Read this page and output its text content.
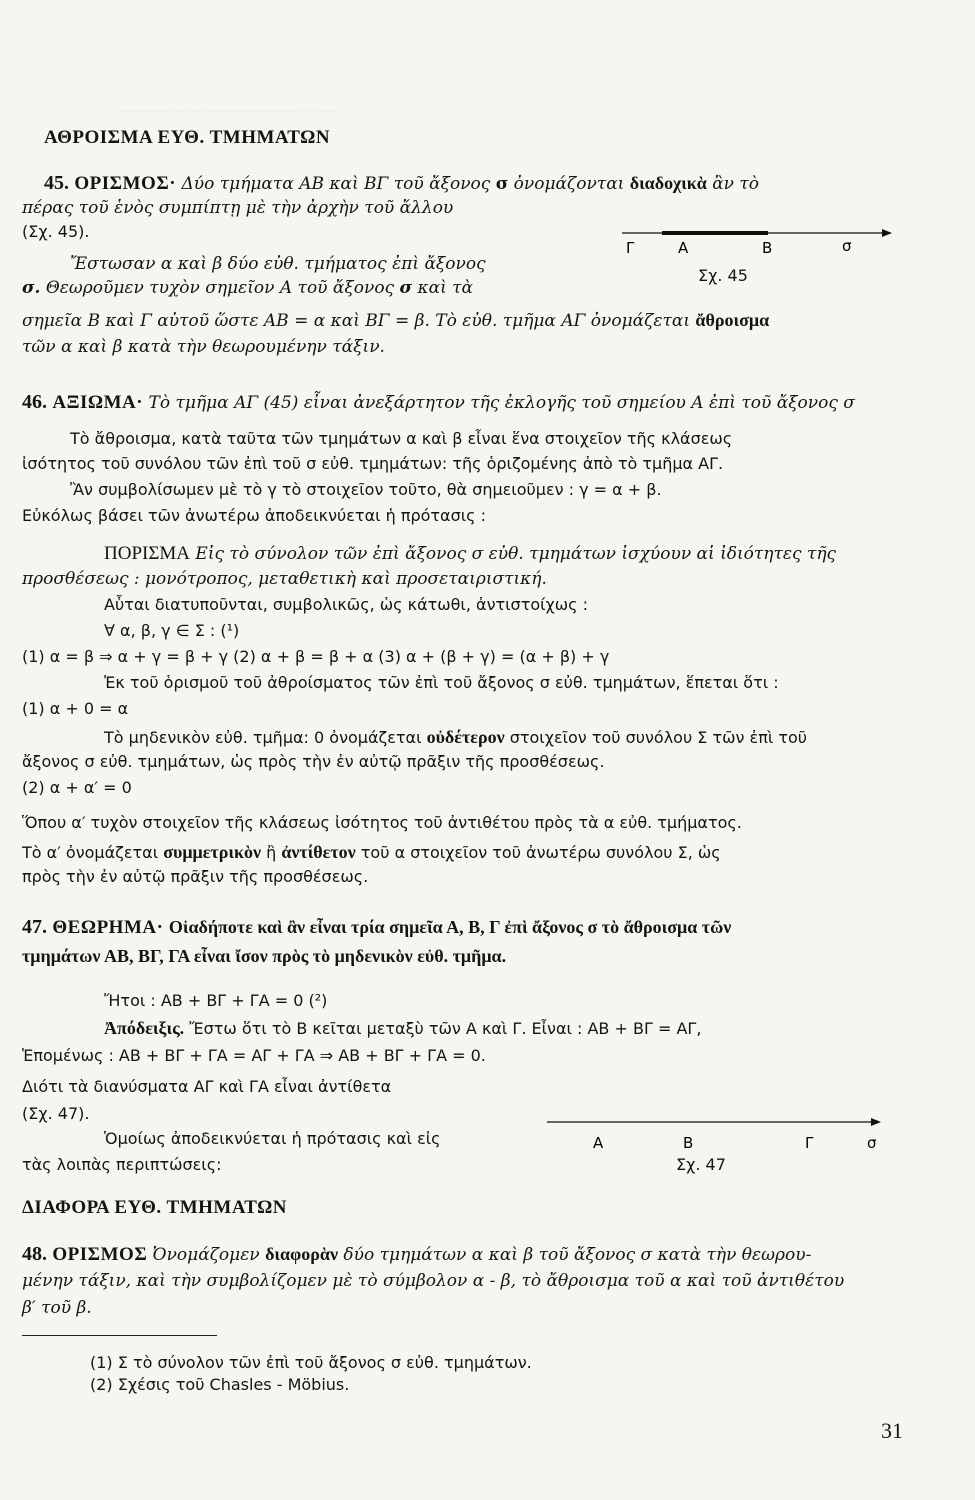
·····················································
ΑΘΡΟΙΣΜΑ ΕΥΘ. ΤΜΗΜΑΤΩΝ
45. ΟΡΙΣΜΟΣ· Δύο τμήματα ΑΒ καὶ ΒΓ τοῦ ἄξονος σ ὀνομάζονται διαδοχικὰ ἂν τὸ
πέρας τοῦ ἑνὸς συμπίπτῃ μὲ τὴν ἀρχὴν τοῦ ἄλλου
(Σχ. 45).
Ἔστωσαν α καὶ β δύο εὐθ. τμήματος ἐπὶ ἄξονος
σ. Θεωροῦμεν τυχὸν σημεῖον Α τοῦ ἄξονος σ καὶ τὰ
σημεῖα Β καὶ Γ αὐτοῦ ὥστε ΑΒ = α καὶ ΒΓ = β. Τὸ εὐθ. τμῆμα ΑΓ ὀνομάζεται ἄθροισμα
τῶν α καὶ β κατὰ τὴν θεωρουμένην τάξιν.
Γ	Α	Β	σ
Σχ. 45
46. ΑΞΙΩΜΑ· Τὸ τμῆμα ΑΓ (45) εἶναι ἀνεξάρτητον τῆς ἐκλογῆς τοῦ σημείου Α ἐπὶ τοῦ ἄξονος σ
Τὸ ἄθροισμα, κατὰ ταῦτα τῶν τμημάτων α καὶ β εἶναι ἕνα στοιχεῖον τῆς κλάσεως
ἰσότητος τοῦ συνόλου τῶν ἐπὶ τοῦ σ εὐθ. τμημάτων: τῆς ὁριζομένης ἀπὸ τὸ τμῆμα ΑΓ.
Ἂν συμβολίσωμεν μὲ τὸ γ τὸ στοιχεῖον τοῦτο, θὰ σημειοῦμεν : γ = α + β.
Εὐκόλως βάσει τῶν ἀνωτέρω ἀποδεικνύεται ἡ πρότασις :
ΠΟΡΙΣΜΑ Εἰς τὸ σύνολον τῶν ἐπὶ ἄξονος σ εὐθ. τμημάτων ἰσχύουν αἱ ἰδιότητες τῆς
προσθέσεως : μονότροπος, μεταθετικὴ καὶ προσεταιριστική.
Αὗται διατυποῦνται, συμβολικῶς, ὡς κάτωθι, ἀντιστοίχως :
∀ α, β, γ ∈ Σ : (¹)
(1) α = β ⇒ α + γ = β + γ (2) α + β = β + α (3) α + (β + γ) = (α + β) + γ
Ἐκ τοῦ ὁρισμοῦ τοῦ ἀθροίσματος τῶν ἐπὶ τοῦ ἄξονος σ εὐθ. τμημάτων, ἕπεται ὅτι :
(1) α + 0 = α
Τὸ μηδενικὸν εὐθ. τμῆμα: 0 ὀνομάζεται οὐδέτερον στοιχεῖον τοῦ συνόλου Σ τῶν ἐπὶ τοῦ
ἄξονος σ εὐθ. τμημάτων, ὡς πρὸς τὴν ἐν αὐτῷ πρᾶξιν τῆς προσθέσεως.
(2) α + α′ = 0
Ὅπου α′ τυχὸν στοιχεῖον τῆς κλάσεως ἰσότητος τοῦ ἀντιθέτου πρὸς τὰ α εὐθ. τμήματος.
Τὸ α′ ὀνομάζεται συμμετρικὸν ἢ ἀντίθετον τοῦ α στοιχεῖον τοῦ ἀνωτέρω συνόλου Σ, ὡς
πρὸς τὴν ἐν αὐτῷ πρᾶξιν τῆς προσθέσεως.
47. ΘΕΩΡΗΜΑ· Οἱαδήποτε καὶ ἂν εἶναι τρία σημεῖα Α, Β, Γ ἐπὶ ἄξονος σ τὸ ἄθροισμα τῶν
τμημάτων ΑΒ, ΒΓ, ΓΑ εἶναι ἴσον πρὸς τὸ μηδενικὸν εὐθ. τμῆμα.
Ἤτοι : ΑΒ + ΒΓ + ΓΑ = 0 (²)
Ἀπόδειξις. Ἔστω ὅτι τὸ Β κεῖται μεταξὺ τῶν Α καὶ Γ. Εἶναι : ΑΒ + ΒΓ = ΑΓ,
Ἑπομένως : ΑΒ + ΒΓ + ΓΑ = ΑΓ + ΓΑ ⇒ ΑΒ + ΒΓ + ΓΑ = 0.
Διότι τὰ διανύσματα ΑΓ καὶ ΓΑ εἶναι ἀντίθετα
(Σχ. 47).
Ὁμοίως ἀποδεικνύεται ἡ πρότασις καὶ εἰς
τὰς λοιπὰς περιπτώσεις:
Α	Β	Γ	σ
Σχ. 47
ΔΙΑΦΟΡΑ ΕΥΘ. ΤΜΗΜΑΤΩΝ
48. ΟΡΙΣΜΟΣ Ὀνομάζομεν διαφορὰν δύο τμημάτων α καὶ β τοῦ ἄξονος σ κατὰ τὴν θεωρου-
μένην τάξιν, καὶ τὴν συμβολίζομεν μὲ τὸ σύμβολον α - β, τὸ ἄθροισμα τοῦ α καὶ τοῦ ἀντιθέτου
β′ τοῦ β.
(1) Σ τὸ σύνολον τῶν ἐπὶ τοῦ ἄξονος σ εὐθ. τμημάτων.
(2) Σχέσις τοῦ Chasles - Möbius.
31
